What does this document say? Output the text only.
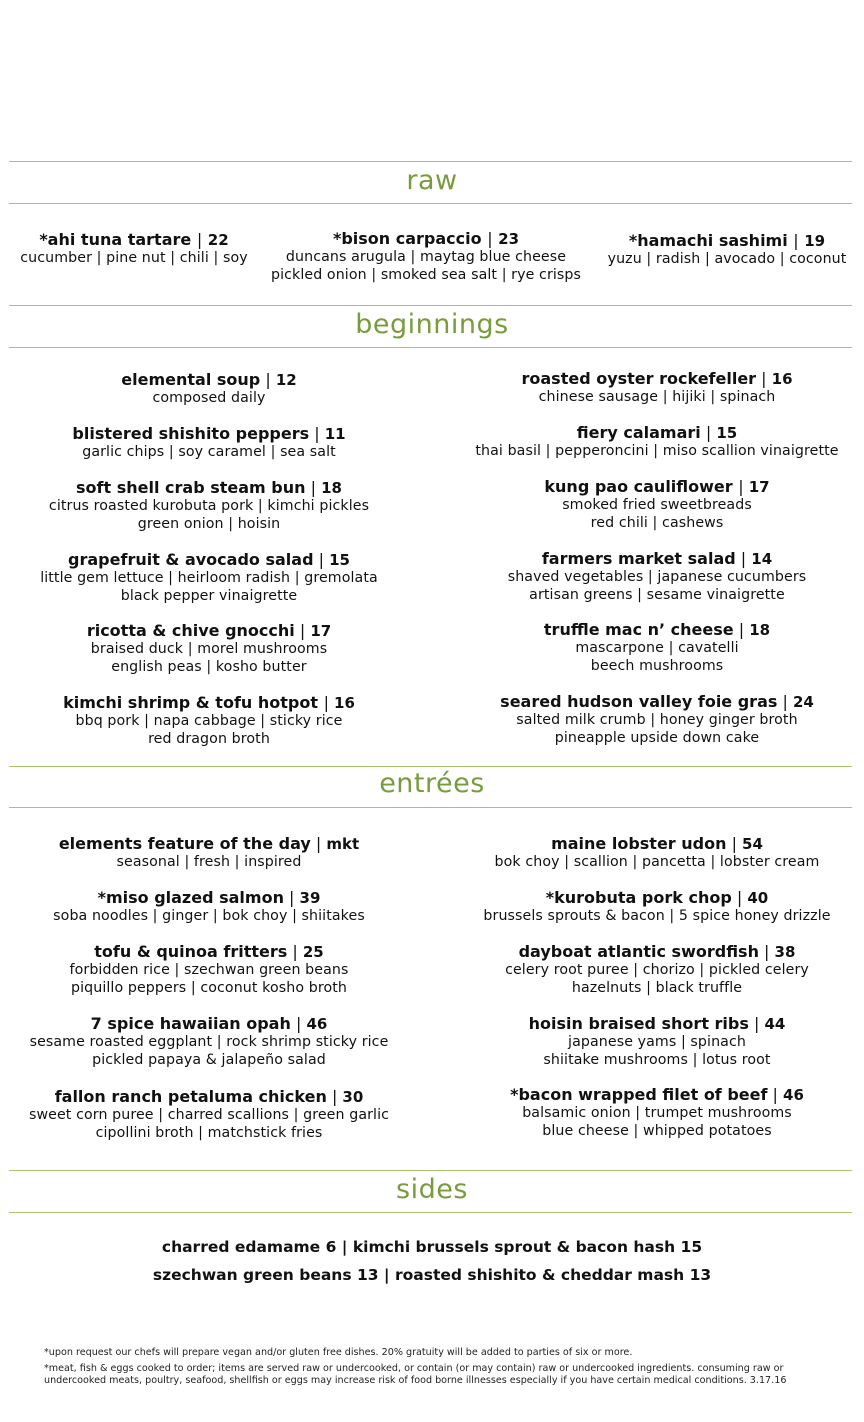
raw
*ahi tuna tartare | 22
cucumber | pine nut | chili | soy
*bison carpaccio | 23
duncans arugula | maytag blue cheese
pickled onion | smoked sea salt | rye crisps
*hamachi sashimi | 19
yuzu | radish | avocado | coconut
beginnings
elemental soup | 12
composed daily
blistered shishito peppers | 11
garlic chips | soy caramel | sea salt
soft shell crab steam bun | 18
citrus roasted kurobuta pork | kimchi pickles
green onion | hoisin
grapefruit & avocado salad | 15
little gem lettuce | heirloom radish | gremolata
black pepper vinaigrette
ricotta & chive gnocchi | 17
braised duck | morel mushrooms
english peas | kosho butter
kimchi shrimp & tofu hotpot | 16
bbq pork | napa cabbage | sticky rice
red dragon broth
roasted oyster rockefeller | 16
chinese sausage | hijiki | spinach
fiery calamari | 15
thai basil | pepperoncini | miso scallion vinaigrette
kung pao cauliflower | 17
smoked fried sweetbreads
red chili | cashews
farmers market salad | 14
shaved vegetables | japanese cucumbers
artisan greens | sesame vinaigrette
truffle mac n’ cheese | 18
mascarpone | cavatelli
beech mushrooms
seared hudson valley foie gras | 24
salted milk crumb | honey ginger broth
pineapple upside down cake
entrées
elements feature of the day | mkt
seasonal | fresh | inspired
*miso glazed salmon | 39
soba noodles | ginger | bok choy | shiitakes
tofu & quinoa fritters | 25
forbidden rice | szechwan green beans
piquillo peppers | coconut kosho broth
7 spice hawaiian opah | 46
sesame roasted eggplant | rock shrimp sticky rice
pickled papaya & jalapeño salad
fallon ranch petaluma chicken | 30
sweet corn puree | charred scallions | green garlic
cipollini broth | matchstick fries
maine lobster udon | 54
bok choy | scallion | pancetta | lobster cream
*kurobuta pork chop | 40
brussels sprouts & bacon | 5 spice honey drizzle
dayboat atlantic swordfish | 38
celery root puree | chorizo | pickled celery
hazelnuts | black truffle
hoisin braised short ribs | 44
japanese yams | spinach
shiitake mushrooms | lotus root
*bacon wrapped filet of beef | 46
balsamic onion | trumpet mushrooms
blue cheese | whipped potatoes
sides
charred edamame 6 | kimchi brussels sprout & bacon hash 15
szechwan green beans 13 | roasted shishito & cheddar mash 13
*upon request our chefs will prepare vegan and/or gluten free dishes. 20% gratuity will be added to parties of six or more.
*meat, fish & eggs cooked to order; items are served raw or undercooked, or contain (or may contain) raw or undercooked ingredients. consuming raw or undercooked meats, poultry, seafood, shellfish or eggs may increase risk of food borne illnesses especially if you have certain medical conditions. 3.17.16
